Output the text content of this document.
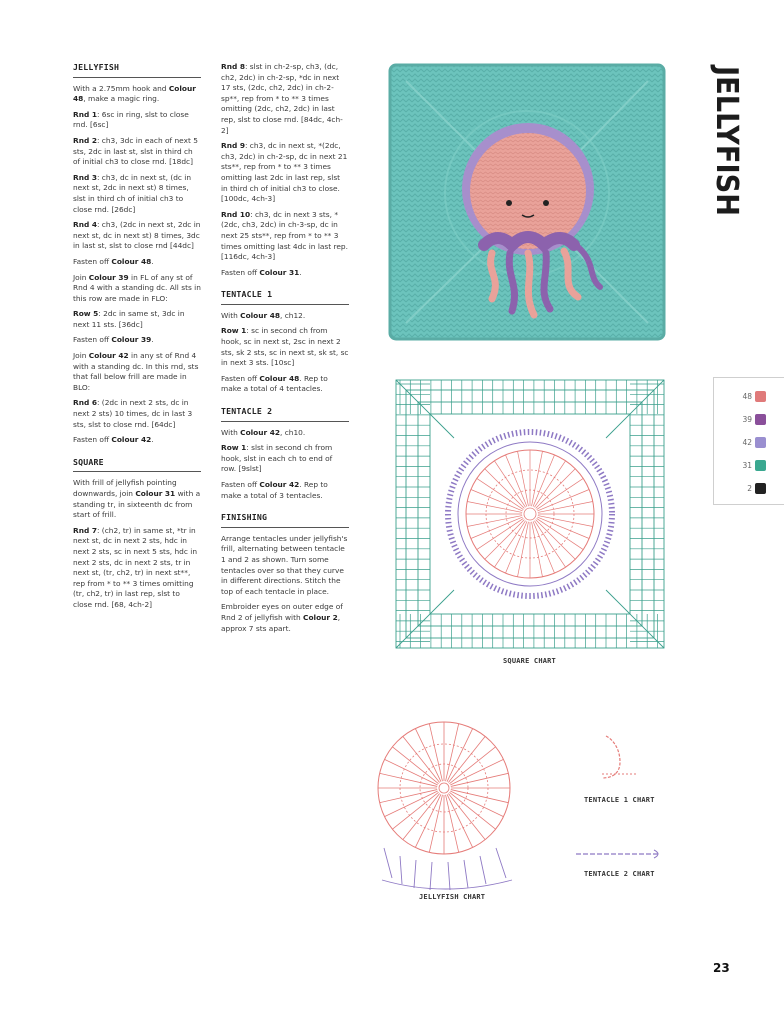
JELLYFISH

With a 2.75mm hook and Colour 48, make a magic ring.

Rnd 1: 6sc in ring, slst to close rnd. [6sc]

Rnd 2: ch3, 3dc in each of next 5 sts, 2dc in last st, slst in third ch of initial ch3 to close rnd. [18dc]

Rnd 3: ch3, dc in next st, (dc in next st, 2dc in next st) 8 times, slst in third ch of initial ch3 to close rnd. [26dc]

Rnd 4: ch3, (2dc in next st, 2dc in next st, dc in next st) 8 times, 3dc in last st, slst to close rnd [44dc]

Fasten off Colour 48.

Join Colour 39 in FL of any st of Rnd 4 with a standing dc. All sts in this row are made in FLO:

Row 5: 2dc in same st, 3dc in next 11 sts. [36dc]

Fasten off Colour 39.

Join Colour 42 in any st of Rnd 4 with a standing dc. In this rnd, sts that fall below frill are made in BLO:

Rnd 6: (2dc in next 2 sts, dc in next 2 sts) 10 times, dc in last 3 sts, slst to close rnd. [64dc]

Fasten off Colour 42.

SQUARE

With frill of jellyfish pointing downwards, join Colour 31 with a standing tr, in sixteenth dc from start of frill.

Rnd 7: (ch2, tr) in same st, *tr in next st, dc in next 2 sts, hdc in next 2 sts, sc in next 5 sts, hdc in next 2 sts, dc in next 2 sts, tr in next st, (tr, ch2, tr) in next st**, rep from * to ** 3 times omitting (tr, ch2, tr) in last rep, slst to close rnd. [68, 4ch-2]

Rnd 8: slst in ch-2-sp, ch3, (dc, ch2, 2dc) in ch-2-sp, *dc in next 17 sts, (2dc, ch2, 2dc) in ch-2-sp**, rep from * to ** 3 times omitting (2dc, ch2, 2dc) in last rep, slst to close rnd. [84dc, 4ch-2]

Rnd 9: ch3, dc in next st, *(2dc, ch3, 2dc) in ch-2-sp, dc in next 21 sts**, rep from * to ** 3 times omitting last 2dc in last rep, slst in third ch of initial ch3 to close. [100dc, 4ch-3]

Rnd 10: ch3, dc in next 3 sts, *(2dc, ch3, 2dc) in ch-3-sp, dc in next 25 sts**, rep from * to ** 3 times omitting last 4dc in last rep. [116dc, 4ch-3]

Fasten off Colour 31.

TENTACLE 1

With Colour 48, ch12.

Row 1: sc in second ch from hook, sc in next st, 2sc in next 2 sts, sk 2 sts, sc in next st, sk st, sc in next 3 sts. [10sc]

Fasten off Colour 48. Rep to make a total of 4 tentacles.

TENTACLE 2

With Colour 42, ch10.

Row 1: slst in second ch from hook, slst in each ch to end of row. [9slst]

Fasten off Colour 42. Rep to make a total of 3 tentacles.

FINISHING

Arrange tentacles under jellyfish's frill, alternating between tentacle 1 and 2 as shown. Turn some tentacles over so that they curve in different directions. Stitch the top of each tentacle in place.

Embroider eyes on outer edge of Rnd 2 of jellyfish with Colour 2, approx 7 sts apart.

JELLYFISH
48
39
42
31
2
SQUARE CHART
JELLYFISH CHART
TENTACLE 1 CHART
TENTACLE 2 CHART
23
